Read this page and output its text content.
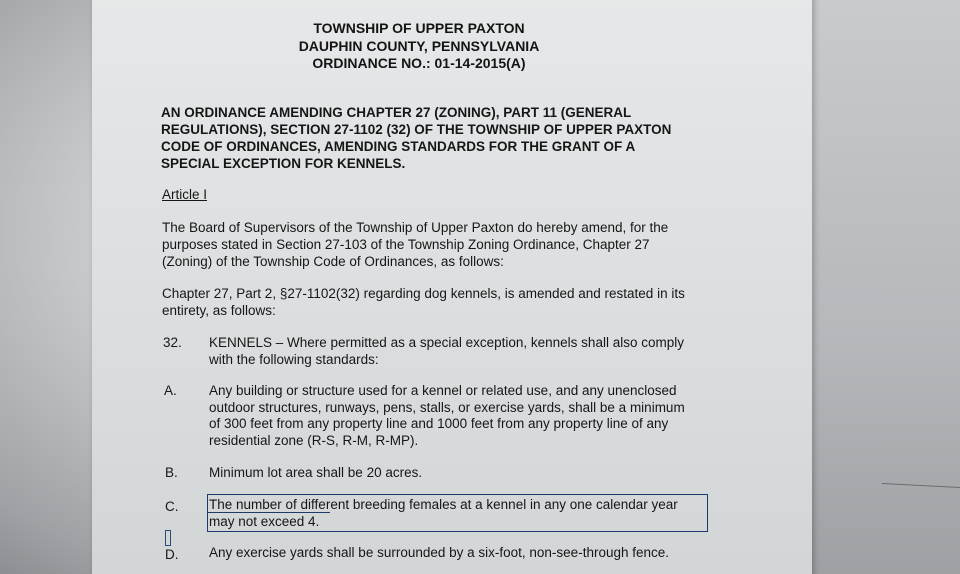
TOWNSHIP OF UPPER PAXTON
DAUPHIN COUNTY, PENNSYLVANIA
ORDINANCE NO.: 01-14-2015(A)
AN ORDINANCE AMENDING CHAPTER 27 (ZONING), PART 11 (GENERAL
REGULATIONS), SECTION 27-1102 (32) OF THE TOWNSHIP OF UPPER PAXTON
CODE OF ORDINANCES, AMENDING STANDARDS FOR THE GRANT OF A
SPECIAL EXCEPTION FOR KENNELS.
Article I
The Board of Supervisors of the Township of Upper Paxton do hereby amend, for the
purposes stated in Section 27-103 of the Township Zoning Ordinance, Chapter 27
(Zoning) of the Township Code of Ordinances, as follows:
Chapter 27, Part 2, §27-1102(32) regarding dog kennels, is amended and restated in its
entirety, as follows:
32. KENNELS – Where permitted as a special exception, kennels shall also comply
with the following standards:
A. Any building or structure used for a kennel or related use, and any unenclosed
outdoor structures, runways, pens, stalls, or exercise yards, shall be a minimum
of 300 feet from any property line and 1000 feet from any property line of any
residential zone (R-S, R-M, R-MP).
B. Minimum lot area shall be 20 acres.
C. The number of different breeding females at a kennel in any one calendar year
may not exceed 4.
D. Any exercise yards shall be surrounded by a six-foot, non-see-through fence.
